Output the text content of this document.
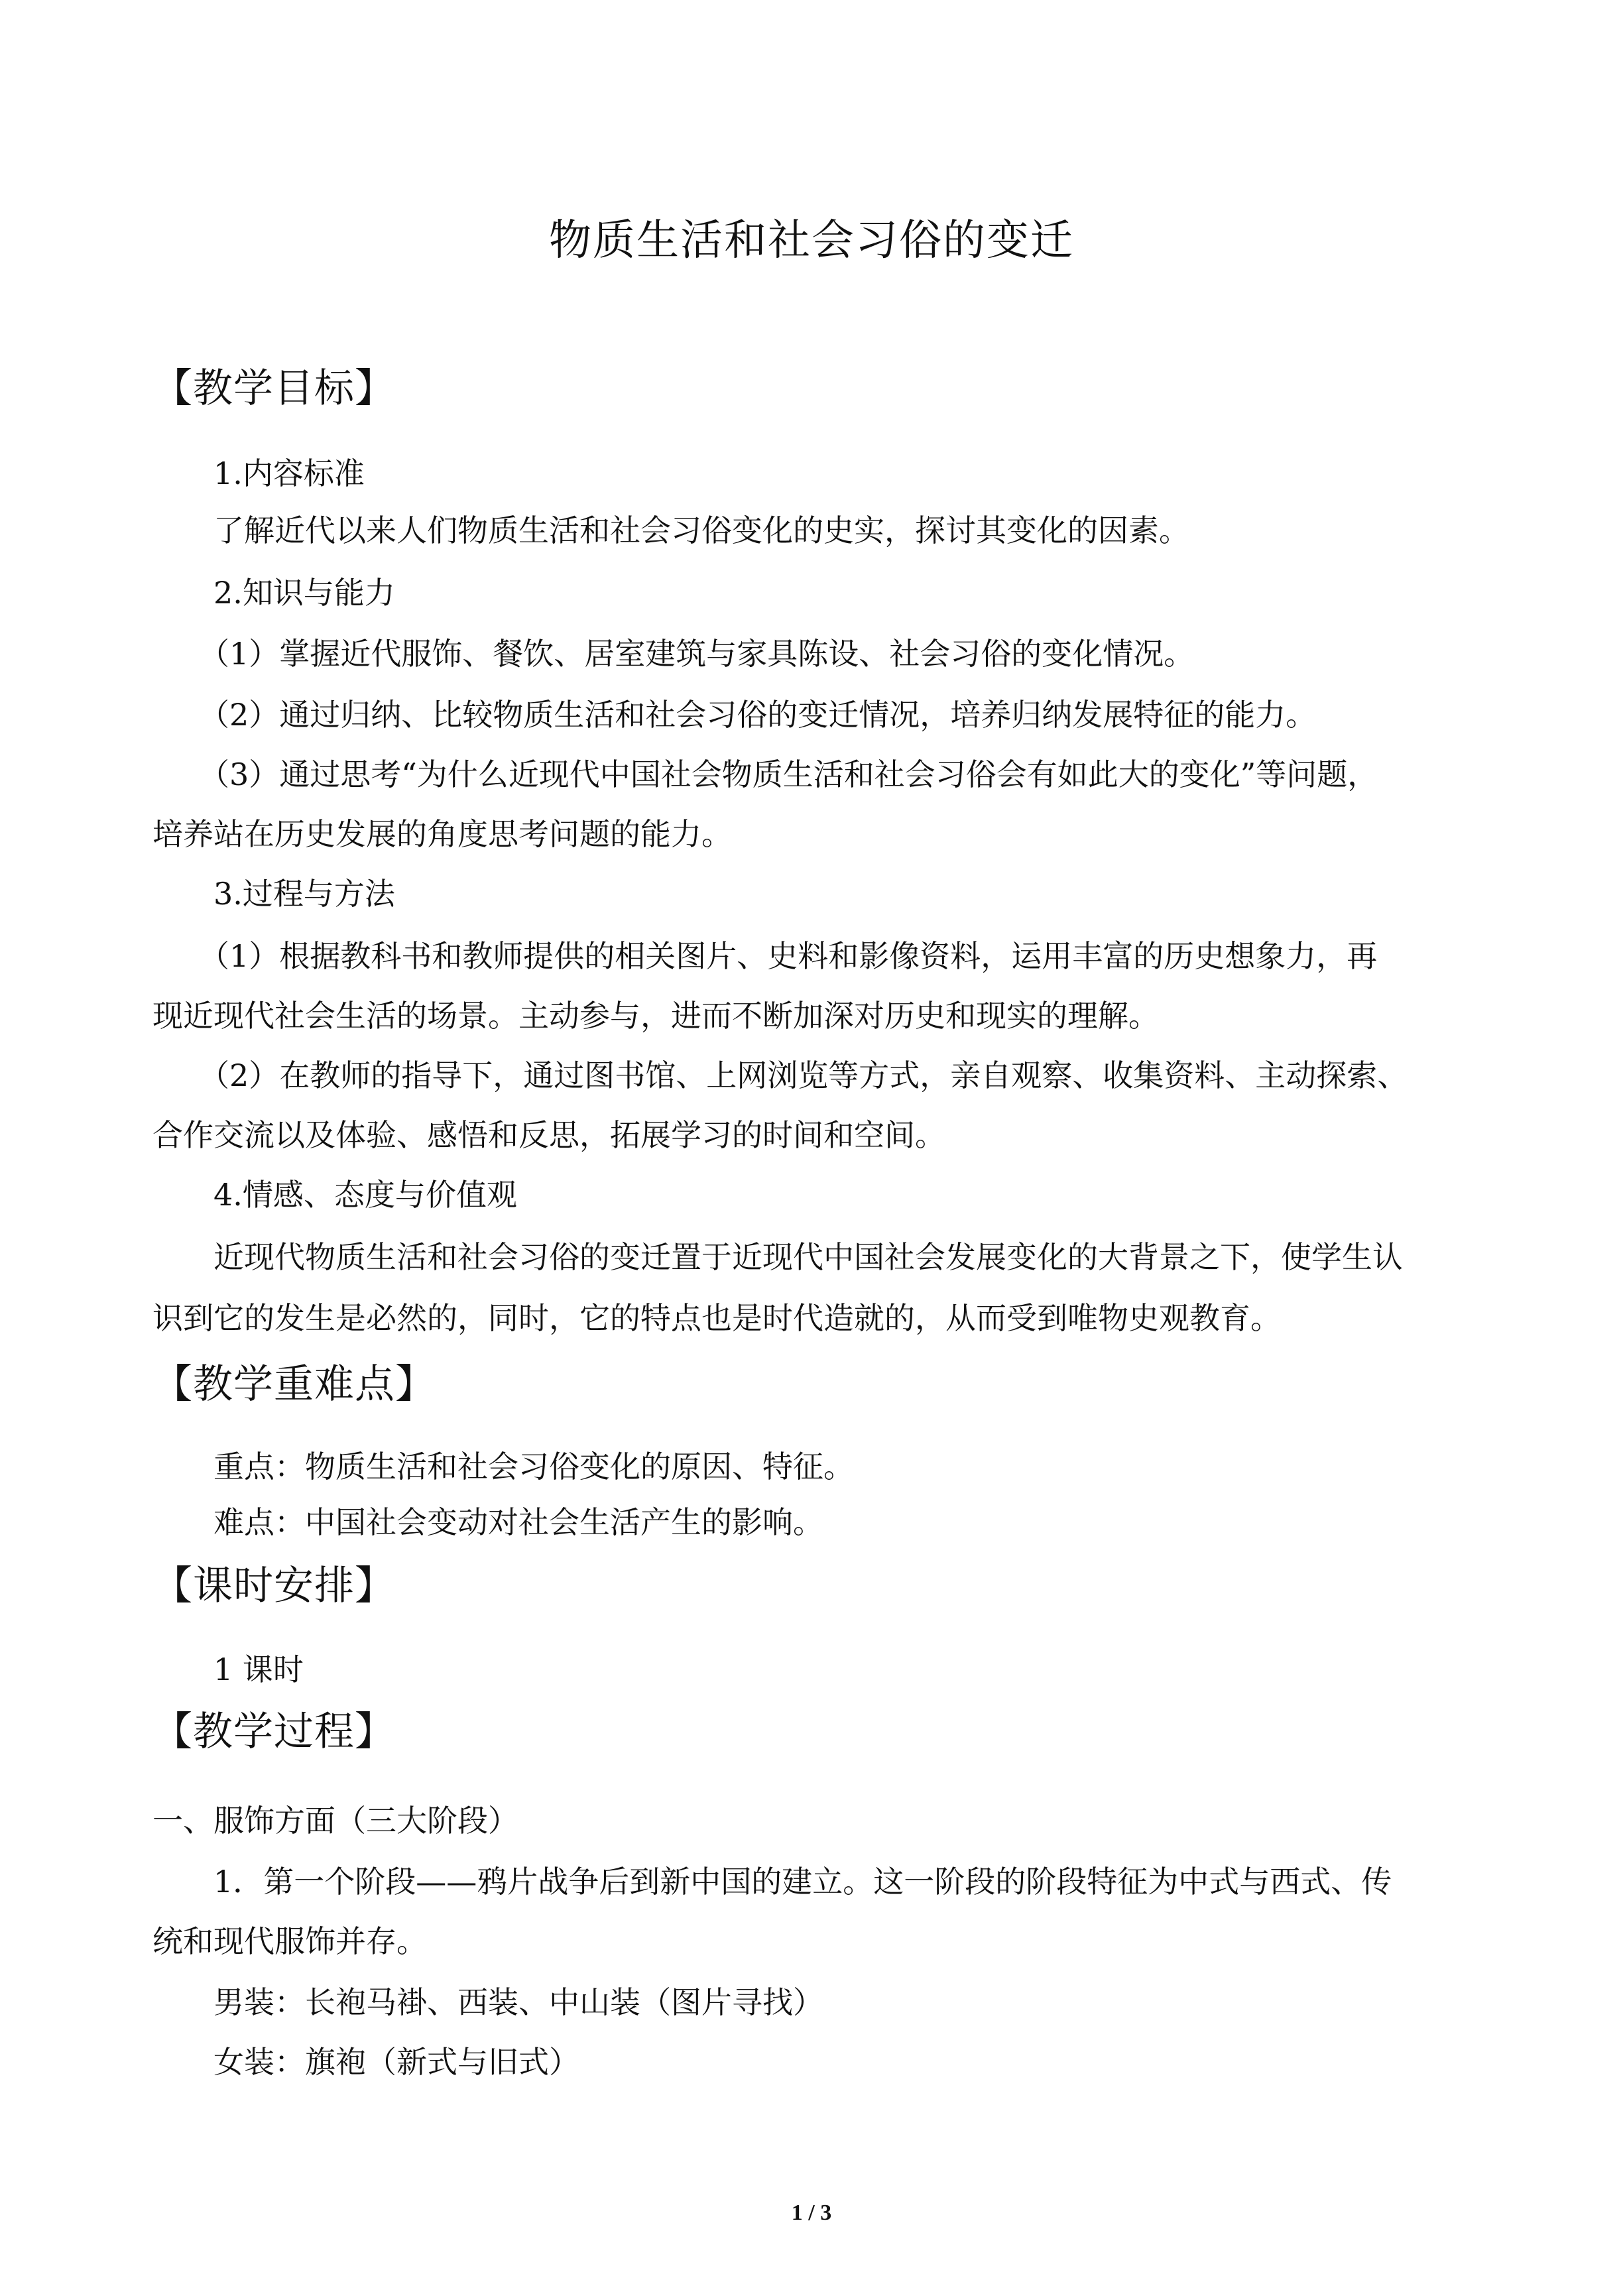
物质生活和社会习俗的变迁
【教学目标】
1.内容标准
了解近代以来人们物质生活和社会习俗变化的史实，探讨其变化的因素。
2.知识与能力
（1）掌握近代服饰、餐饮、居室建筑与家具陈设、社会习俗的变化情况。
（2）通过归纳、比较物质生活和社会习俗的变迁情况，培养归纳发展特征的能力。
（3）通过思考“为什么近现代中国社会物质生活和社会习俗会有如此大的变化”等问题，
培养站在历史发展的角度思考问题的能力。
3.过程与方法
（1）根据教科书和教师提供的相关图片、史料和影像资料，运用丰富的历史想象力，再
现近现代社会生活的场景。主动参与，进而不断加深对历史和现实的理解。
（2）在教师的指导下，通过图书馆、上网浏览等方式，亲自观察、收集资料、主动探索、
合作交流以及体验、感悟和反思，拓展学习的时间和空间。
4.情感、态度与价值观
近现代物质生活和社会习俗的变迁置于近现代中国社会发展变化的大背景之下，使学生认
识到它的发生是必然的，同时，它的特点也是时代造就的，从而受到唯物史观教育。
【教学重难点】
重点：物质生活和社会习俗变化的原因、特征。
难点：中国社会变动对社会生活产生的影响。
【课时安排】
1 课时
【教学过程】
一、服饰方面（三大阶段）
1．第一个阶段——鸦片战争后到新中国的建立。这一阶段的阶段特征为中式与西式、传
统和现代服饰并存。
男装：长袍马褂、西装、中山装（图片寻找）
女装：旗袍（新式与旧式）
1 / 3
